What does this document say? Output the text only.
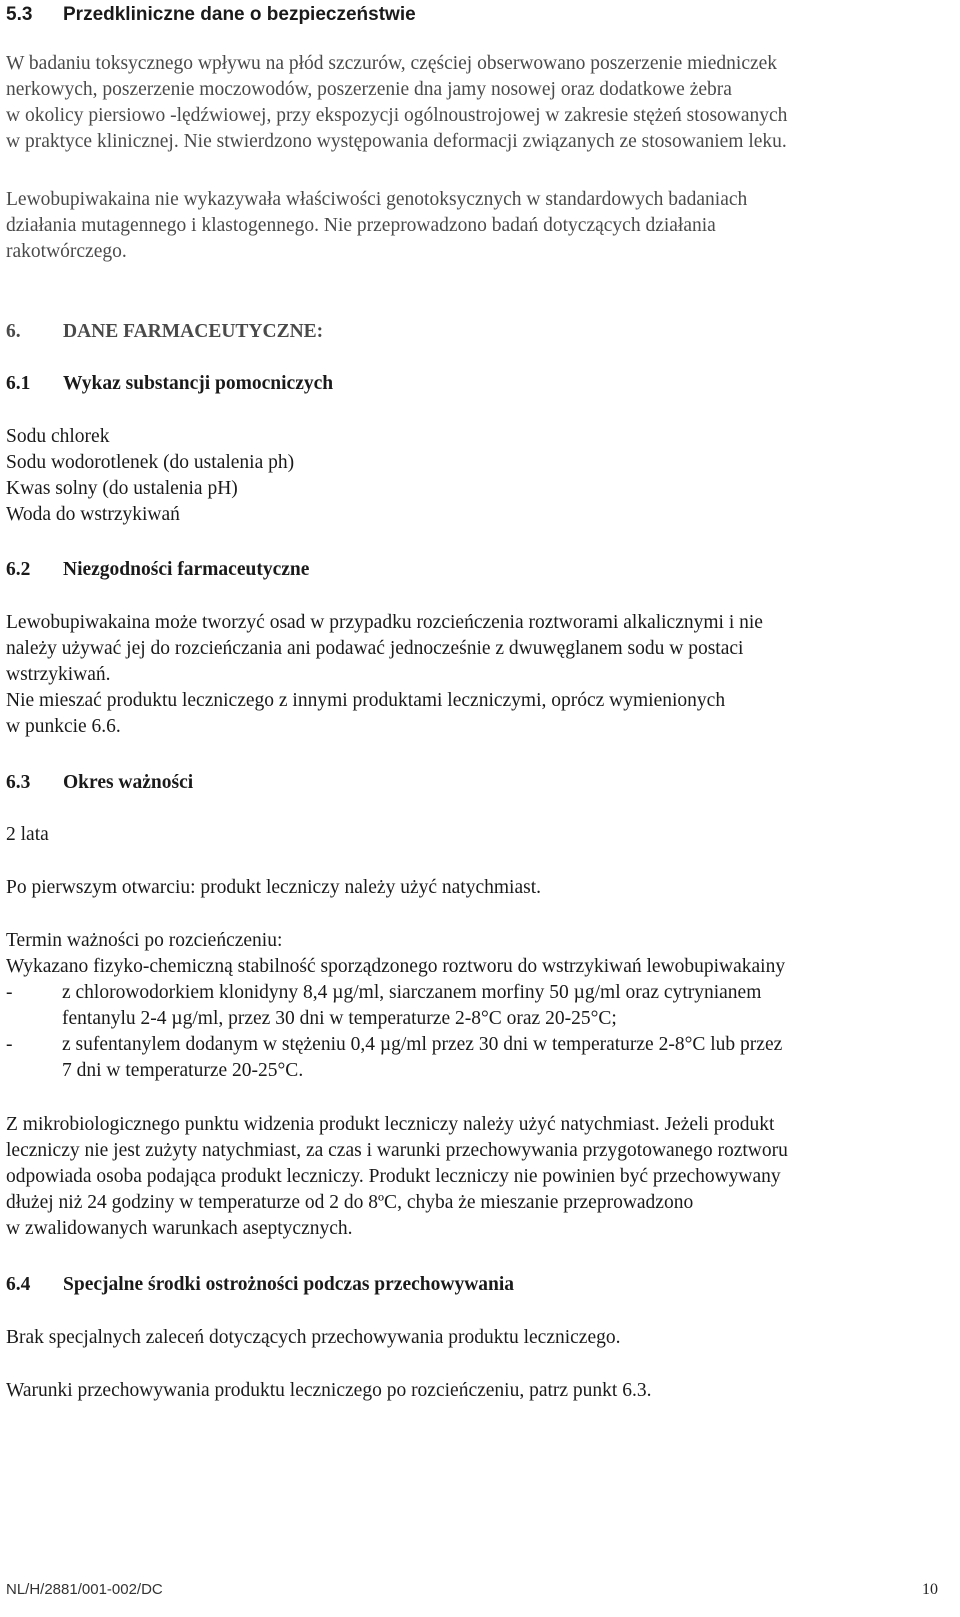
5.3	Przedkliniczne dane o bezpieczeństwie

W badaniu toksycznego wpływu na płód szczurów, częściej obserwowano poszerzenie miedniczek

nerkowych, poszerzenie moczowodów, poszerzenie dna jamy nosowej oraz dodatkowe żebra

w okolicy piersiowo -lędźwiowej, przy ekspozycji ogólnoustrojowej w zakresie stężeń stosowanych

w praktyce klinicznej. Nie stwierdzono występowania deformacji związanych ze stosowaniem leku.

Lewobupiwakaina nie wykazywała właściwości genotoksycznych w standardowych badaniach

działania mutagennego i klastogennego. Nie przeprowadzono badań dotyczących działania

rakotwórczego.

6.	DANE FARMACEUTYCZNE:
6.1	Wykaz substancji pomocniczych

Sodu chlorek

Sodu wodorotlenek (do ustalenia ph)

Kwas solny (do ustalenia pH)

Woda do wstrzykiwań

6.2	Niezgodności farmaceutyczne

Lewobupiwakaina może tworzyć osad w przypadku rozcieńczenia roztworami alkalicznymi i nie

należy używać jej do rozcieńczania ani podawać jednocześnie z dwuwęglanem sodu w postaci

wstrzykiwań.

Nie mieszać produktu leczniczego z innymi produktami leczniczymi, oprócz wymienionych

w punkcie 6.6.

6.3	Okres ważności
2 lata
Po pierwszym otwarciu: produkt leczniczy należy użyć natychmiast.

Termin ważności po rozcieńczeniu:

Wykazano fizyko-chemiczną stabilność sporządzonego roztworu do wstrzykiwań lewobupiwakainy

-	z chlorowodorkiem klonidyny 8,4 µg/ml, siarczanem morfiny 50 µg/ml oraz cytrynianem

fentanylu 2-4 µg/ml, przez 30 dni w temperaturze 2-8°C oraz 20-25°C;

-	z sufentanylem dodanym w stężeniu 0,4 µg/ml przez 30 dni w temperaturze 2-8°C lub przez

7 dni w temperaturze 20-25°C.

Z mikrobiologicznego punktu widzenia produkt leczniczy należy użyć natychmiast. Jeżeli produkt

leczniczy nie jest zużyty natychmiast, za czas i warunki przechowywania przygotowanego roztworu

odpowiada osoba podająca produkt leczniczy. Produkt leczniczy nie powinien być przechowywany

dłużej niż 24 godziny w temperaturze od 2 do 8ºC, chyba że mieszanie przeprowadzono

w zwalidowanych warunkach aseptycznych.

6.4	Specjalne środki ostrożności podczas przechowywania
Brak specjalnych zaleceń dotyczących przechowywania produktu leczniczego.
Warunki przechowywania produktu leczniczego po rozcieńczeniu, patrz punkt 6.3.
NL/H/2881/001-002/DC	10
